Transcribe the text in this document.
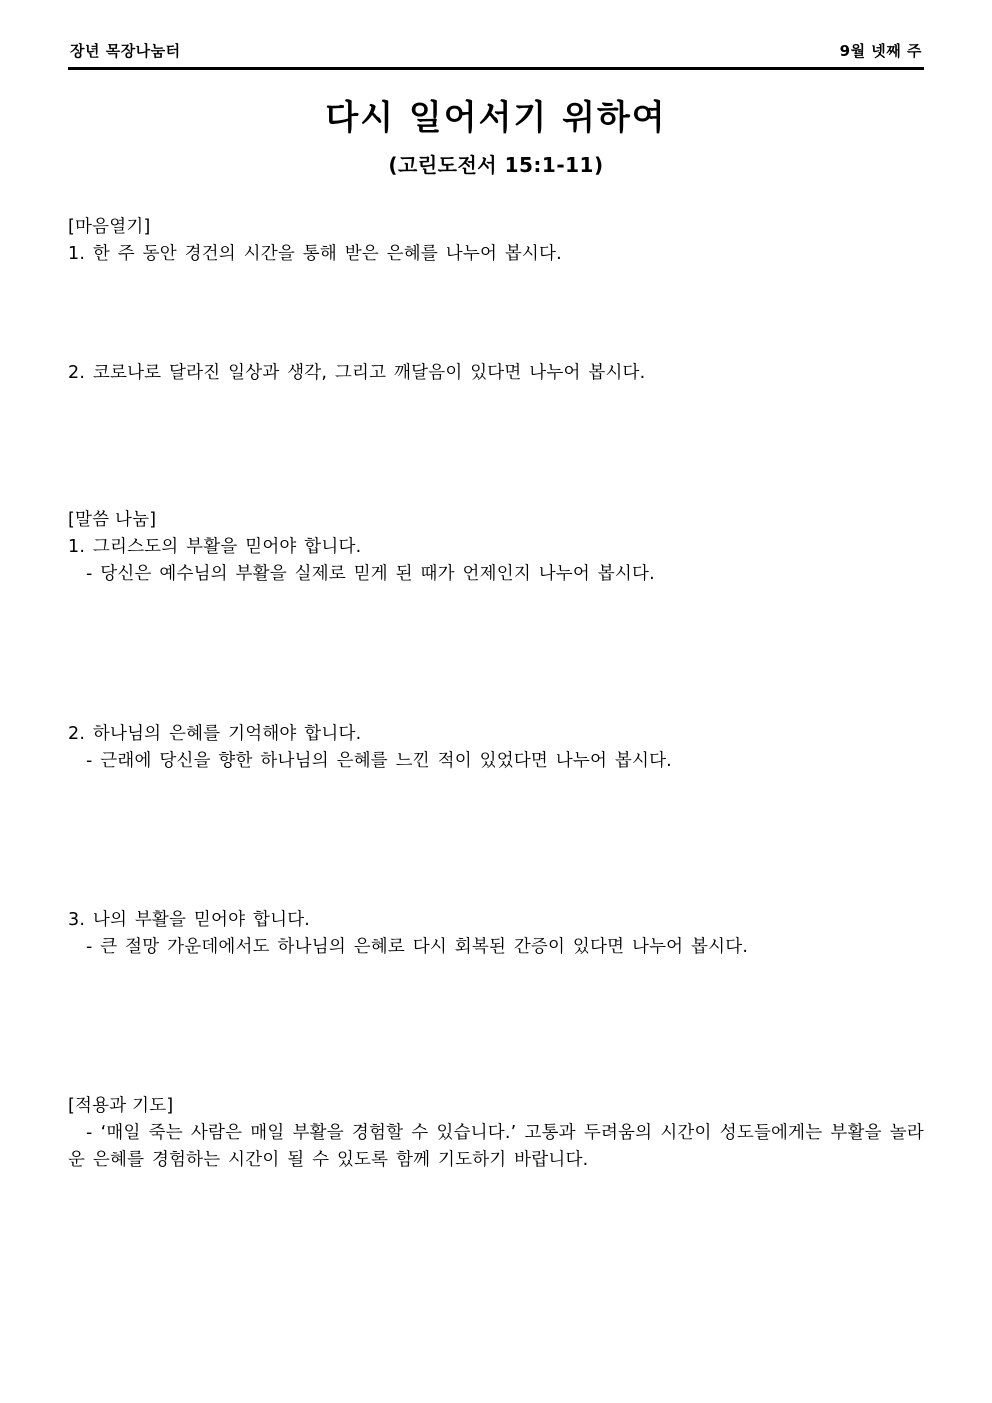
장년 목장나눔터	9월 넷째 주
다시 일어서기 위하여
(고린도전서 15:1-11)

[마음열기]

1. 한 주 동안 경건의 시간을 통해 받은 은혜를 나누어 봅시다.

2. 코로나로 달라진 일상과 생각, 그리고 깨달음이 있다면 나누어 봅시다.

[말씀 나눔]

1. 그리스도의 부활을 믿어야 합니다.

- 당신은 예수님의 부활을 실제로 믿게 된 때가 언제인지 나누어 봅시다.

2. 하나님의 은혜를 기억해야 합니다.

- 근래에 당신을 향한 하나님의 은혜를 느낀 적이 있었다면 나누어 봅시다.

3. 나의 부활을 믿어야 합니다.

- 큰 절망 가운데에서도 하나님의 은혜로 다시 회복된 간증이 있다면 나누어 봅시다.

[적용과 기도]

- ‘매일 죽는 사람은 매일 부활을 경험할 수 있습니다.’ 고통과 두려움의 시간이 성도들에게는 부활을 놀라운 은혜를 경험하는 시간이 될 수 있도록 함께 기도하기 바랍니다.
